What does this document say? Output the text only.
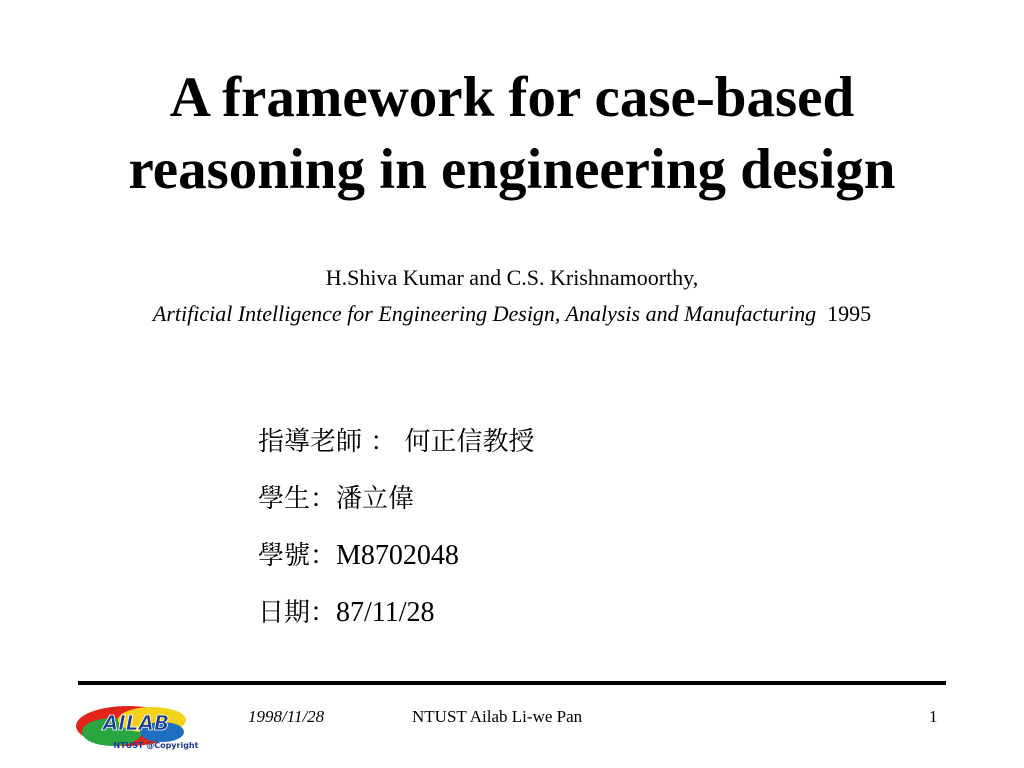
A framework for case-based
reasoning in engineering design
H.Shiva Kumar and C.S. Krishnamoorthy,
Artificial Intelligence for Engineering Design, Analysis and Manufacturing 1995
指導老師 ： 何正信教授
學生：潘立偉
學號：M8702048
日期：87/11/28
AILAB
NTUST @Copyright
1998/11/28	NTUST Ailab Li-we Pan	1
